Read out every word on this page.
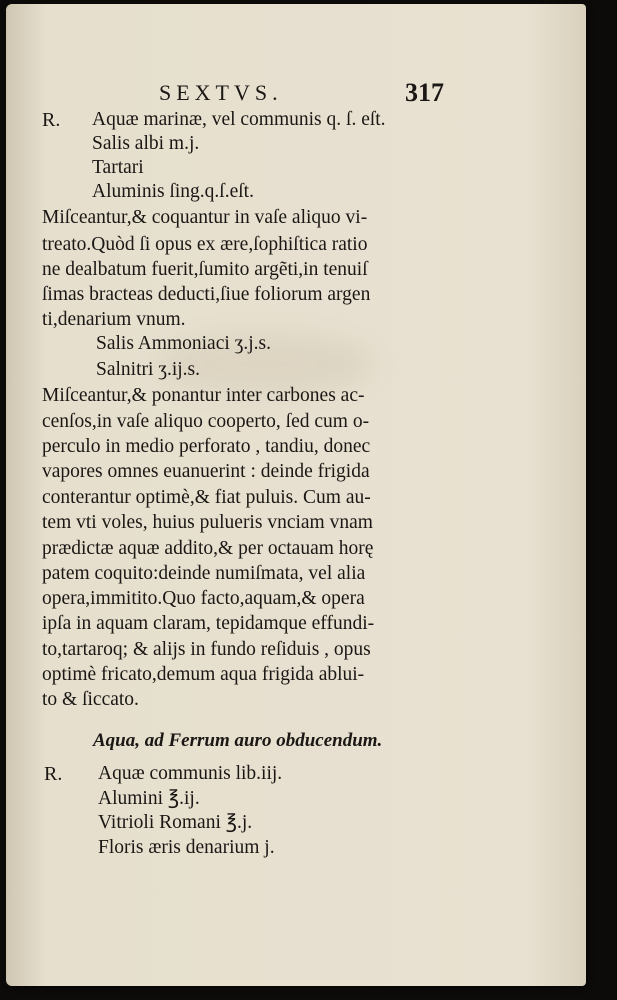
SEXTVS.	317
R. Aquæ marinæ, vel communis q. ſ. eſt.
Salis albi m.j.
Tartari
Aluminis ſing.q.ſ.eſt.
Miſceantur,& coquantur in vaſe aliquo vi-
treato.Quòd ſi opus ex ære,ſophiſtica ratio
ne dealbatum fuerit,ſumito argẽti,in tenuiſ
ſimas bracteas deducti,ſiue foliorum argen
ti,denarium vnum.
Salis Ammoniaci ʒ.j.s.
Salnitri ʒ.ij.s.
Miſceantur,& ponantur inter carbones ac-
cenſos,in vaſe aliquo cooperto, ſed cum o-
perculo in medio perforato , tandiu, donec
vapores omnes euanuerint : deinde frigida
conterantur optimè,& fiat puluis. Cum au-
tem vti voles, huius pulueris vnciam vnam
prædictæ aquæ addito,& per octauam horę
patem coquito:deinde numiſmata, vel alia
opera,immitito.Quo facto,aquam,& opera
ipſa in aquam claram, tepidamque effundi-
to,tartaroq; & alijs in fundo reſiduis , opus
optimè fricato,demum aqua frigida ablui-
to & ſiccato.
Aqua, ad Ferrum auro obducendum.
R. Aquæ communis lib.iij.
Alumini ℥.ij.
Vitrioli Romani ℥.j.
Floris æris denarium j.
